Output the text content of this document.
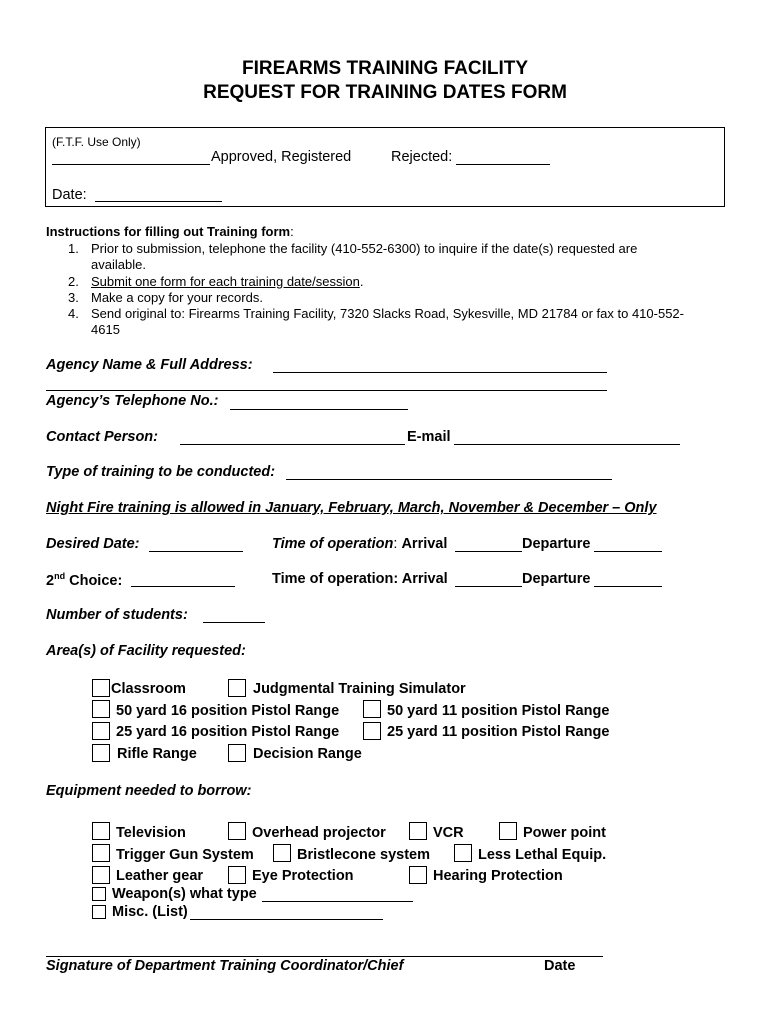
FIREARMS TRAINING FACILITY
REQUEST FOR TRAINING DATES FORM
(F.T.F. Use Only)
Approved, Registered	Rejected:
Date:
Instructions for filling out Training form:
1. Prior to submission, telephone the facility (410-552-6300) to inquire if the date(s) requested are
available.
2. Submit one form for each training date/session.
3. Make a copy for your records.
4. Send original to: Firearms Training Facility, 7320 Slacks Road, Sykesville, MD 21784 or fax to 410-552-
4615
Agency Name & Full Address:
Agency’s Telephone No.:
Contact Person:	E-mail
Type of training to be conducted:
Night Fire training is allowed in January, February, March, November & December – Only
Desired Date:	Time of operation: Arrival	Departure
2nd Choice:	Time of operation: Arrival	Departure
Number of students:
Area(s) of Facility requested:
Classroom	Judgmental Training Simulator
50 yard 16 position Pistol Range	50 yard 11 position Pistol Range
25 yard 16 position Pistol Range	25 yard 11 position Pistol Range
Rifle Range	Decision Range
Equipment needed to borrow:
Television	Overhead projector	VCR	Power point
Trigger Gun System	Bristlecone system	Less Lethal Equip.
Leather gear	Eye Protection	Hearing Protection
Weapon(s) what type
Misc. (List)
Signature of Department Training Coordinator/Chief	Date
